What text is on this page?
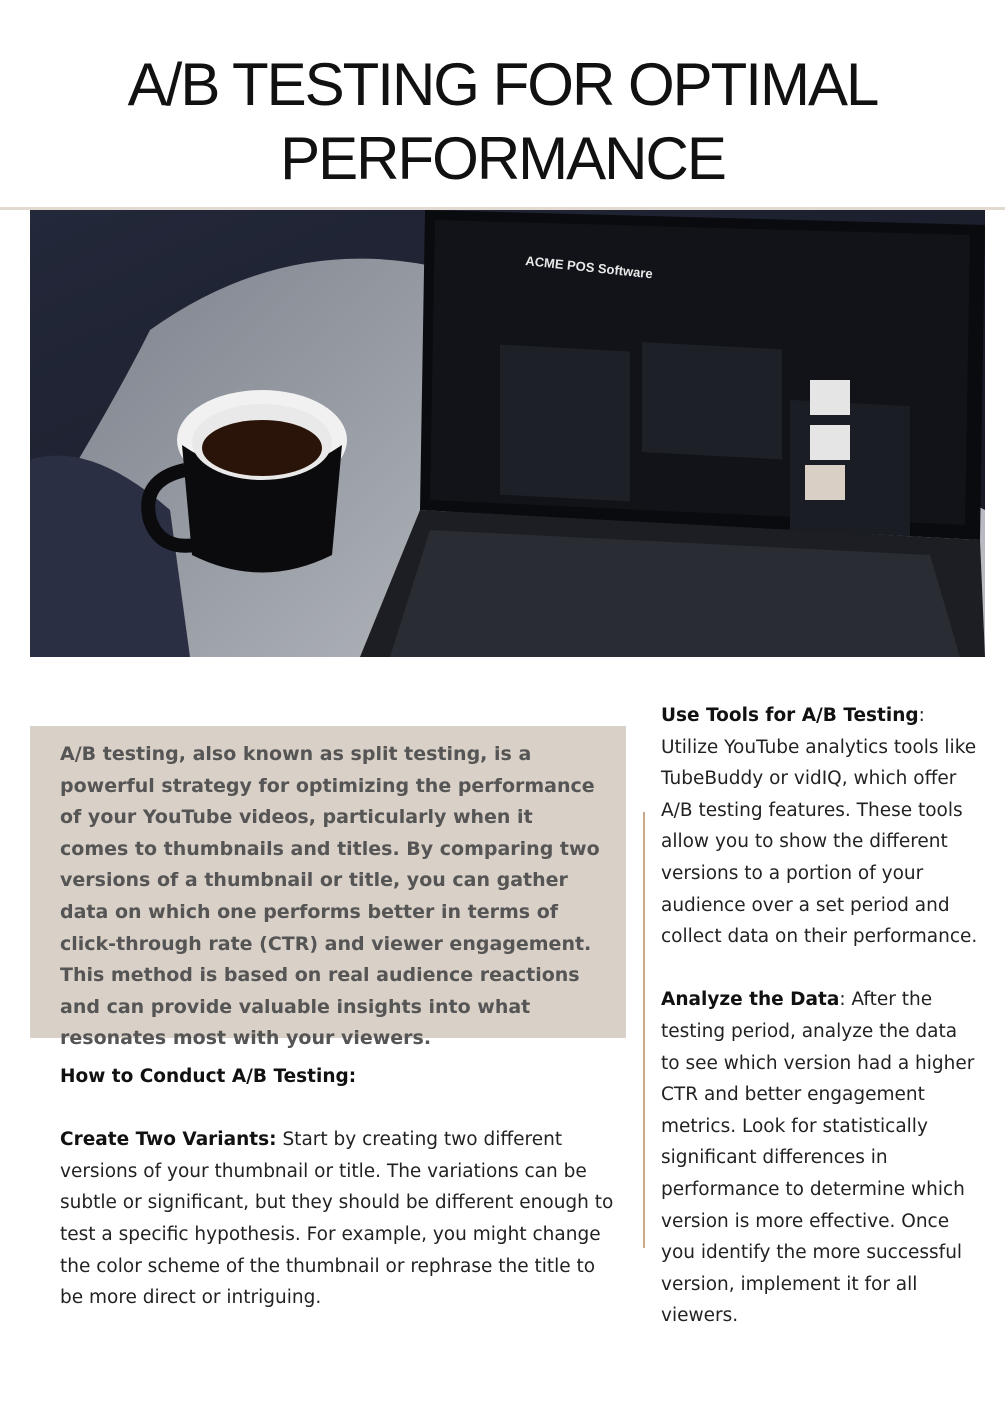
A/B TESTING FOR OPTIMAL PERFORMANCE
ACME POS Software
A/B testing, also known as split testing, is a powerful strategy for optimizing the performance of your YouTube videos, particularly when it comes to thumbnails and titles. By comparing two versions of a thumbnail or title, you can gather data on which one performs better in terms of click-through rate (CTR) and viewer engagement. This method is based on real audience reactions and can provide valuable insights into what resonates most with your viewers.
How to Conduct A/B Testing:
Create Two Variants: Start by creating two different versions of your thumbnail or title. The variations can be subtle or significant, but they should be different enough to test a specific hypothesis. For example, you might change the color scheme of the thumbnail or rephrase the title to be more direct or intriguing.
Use Tools for A/B Testing: Utilize YouTube analytics tools like TubeBuddy or vidIQ, which offer A/B testing features. These tools allow you to show the different versions to a portion of your audience over a set period and collect data on their performance.
Analyze the Data: After the testing period, analyze the data to see which version had a higher CTR and better engagement metrics. Look for statistically significant differences in performance to determine which version is more effective. Once you identify the more successful version, implement it for all viewers.
